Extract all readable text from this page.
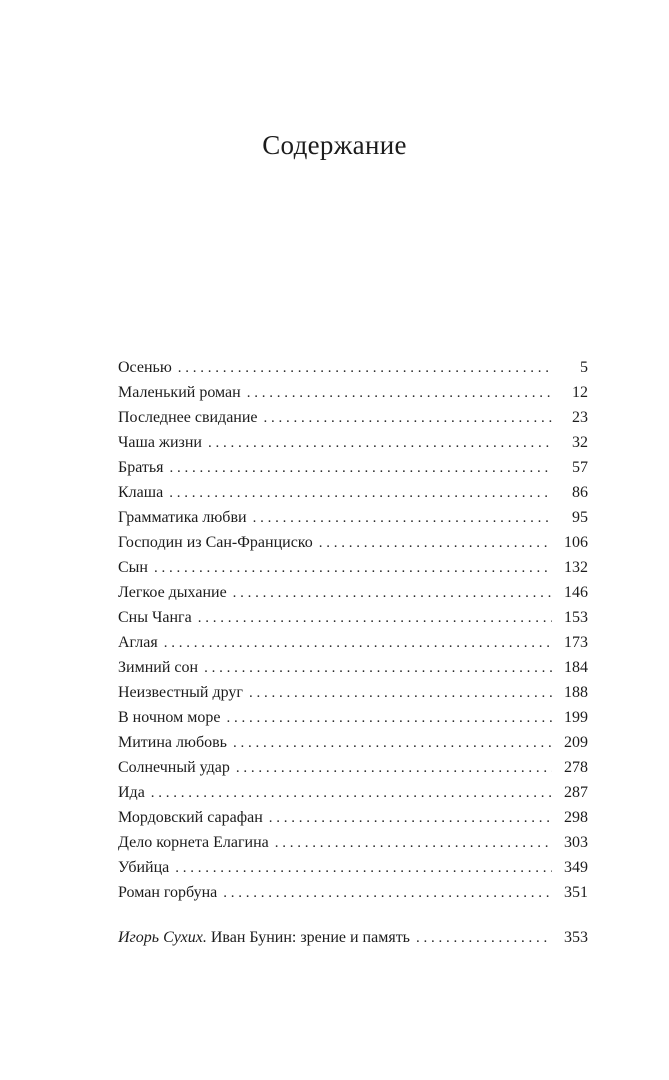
Содержание
Осенью . . .	5
Маленький роман . . .	12
Последнее свидание . . .	23
Чаша жизни . . .	32
Братья . . .	57
Клаша . . .	86
Грамматика любви . . .	95
Господин из Сан-Франциско . . .	106
Сын . . .	132
Легкое дыхание . . .	146
Сны Чанга . . .	153
Аглая . . .	173
Зимний сон . . .	184
Неизвестный друг . . .	188
В ночном море . . .	199
Митина любовь . . .	209
Солнечный удар . . .	278
Ида . . .	287
Мордовский сарафан . . .	298
Дело корнета Елагина . . .	303
Убийца . . .	349
Роман горбуна . . .	351
Игорь Сухих. Иван Бунин: зрение и память . . .	353
